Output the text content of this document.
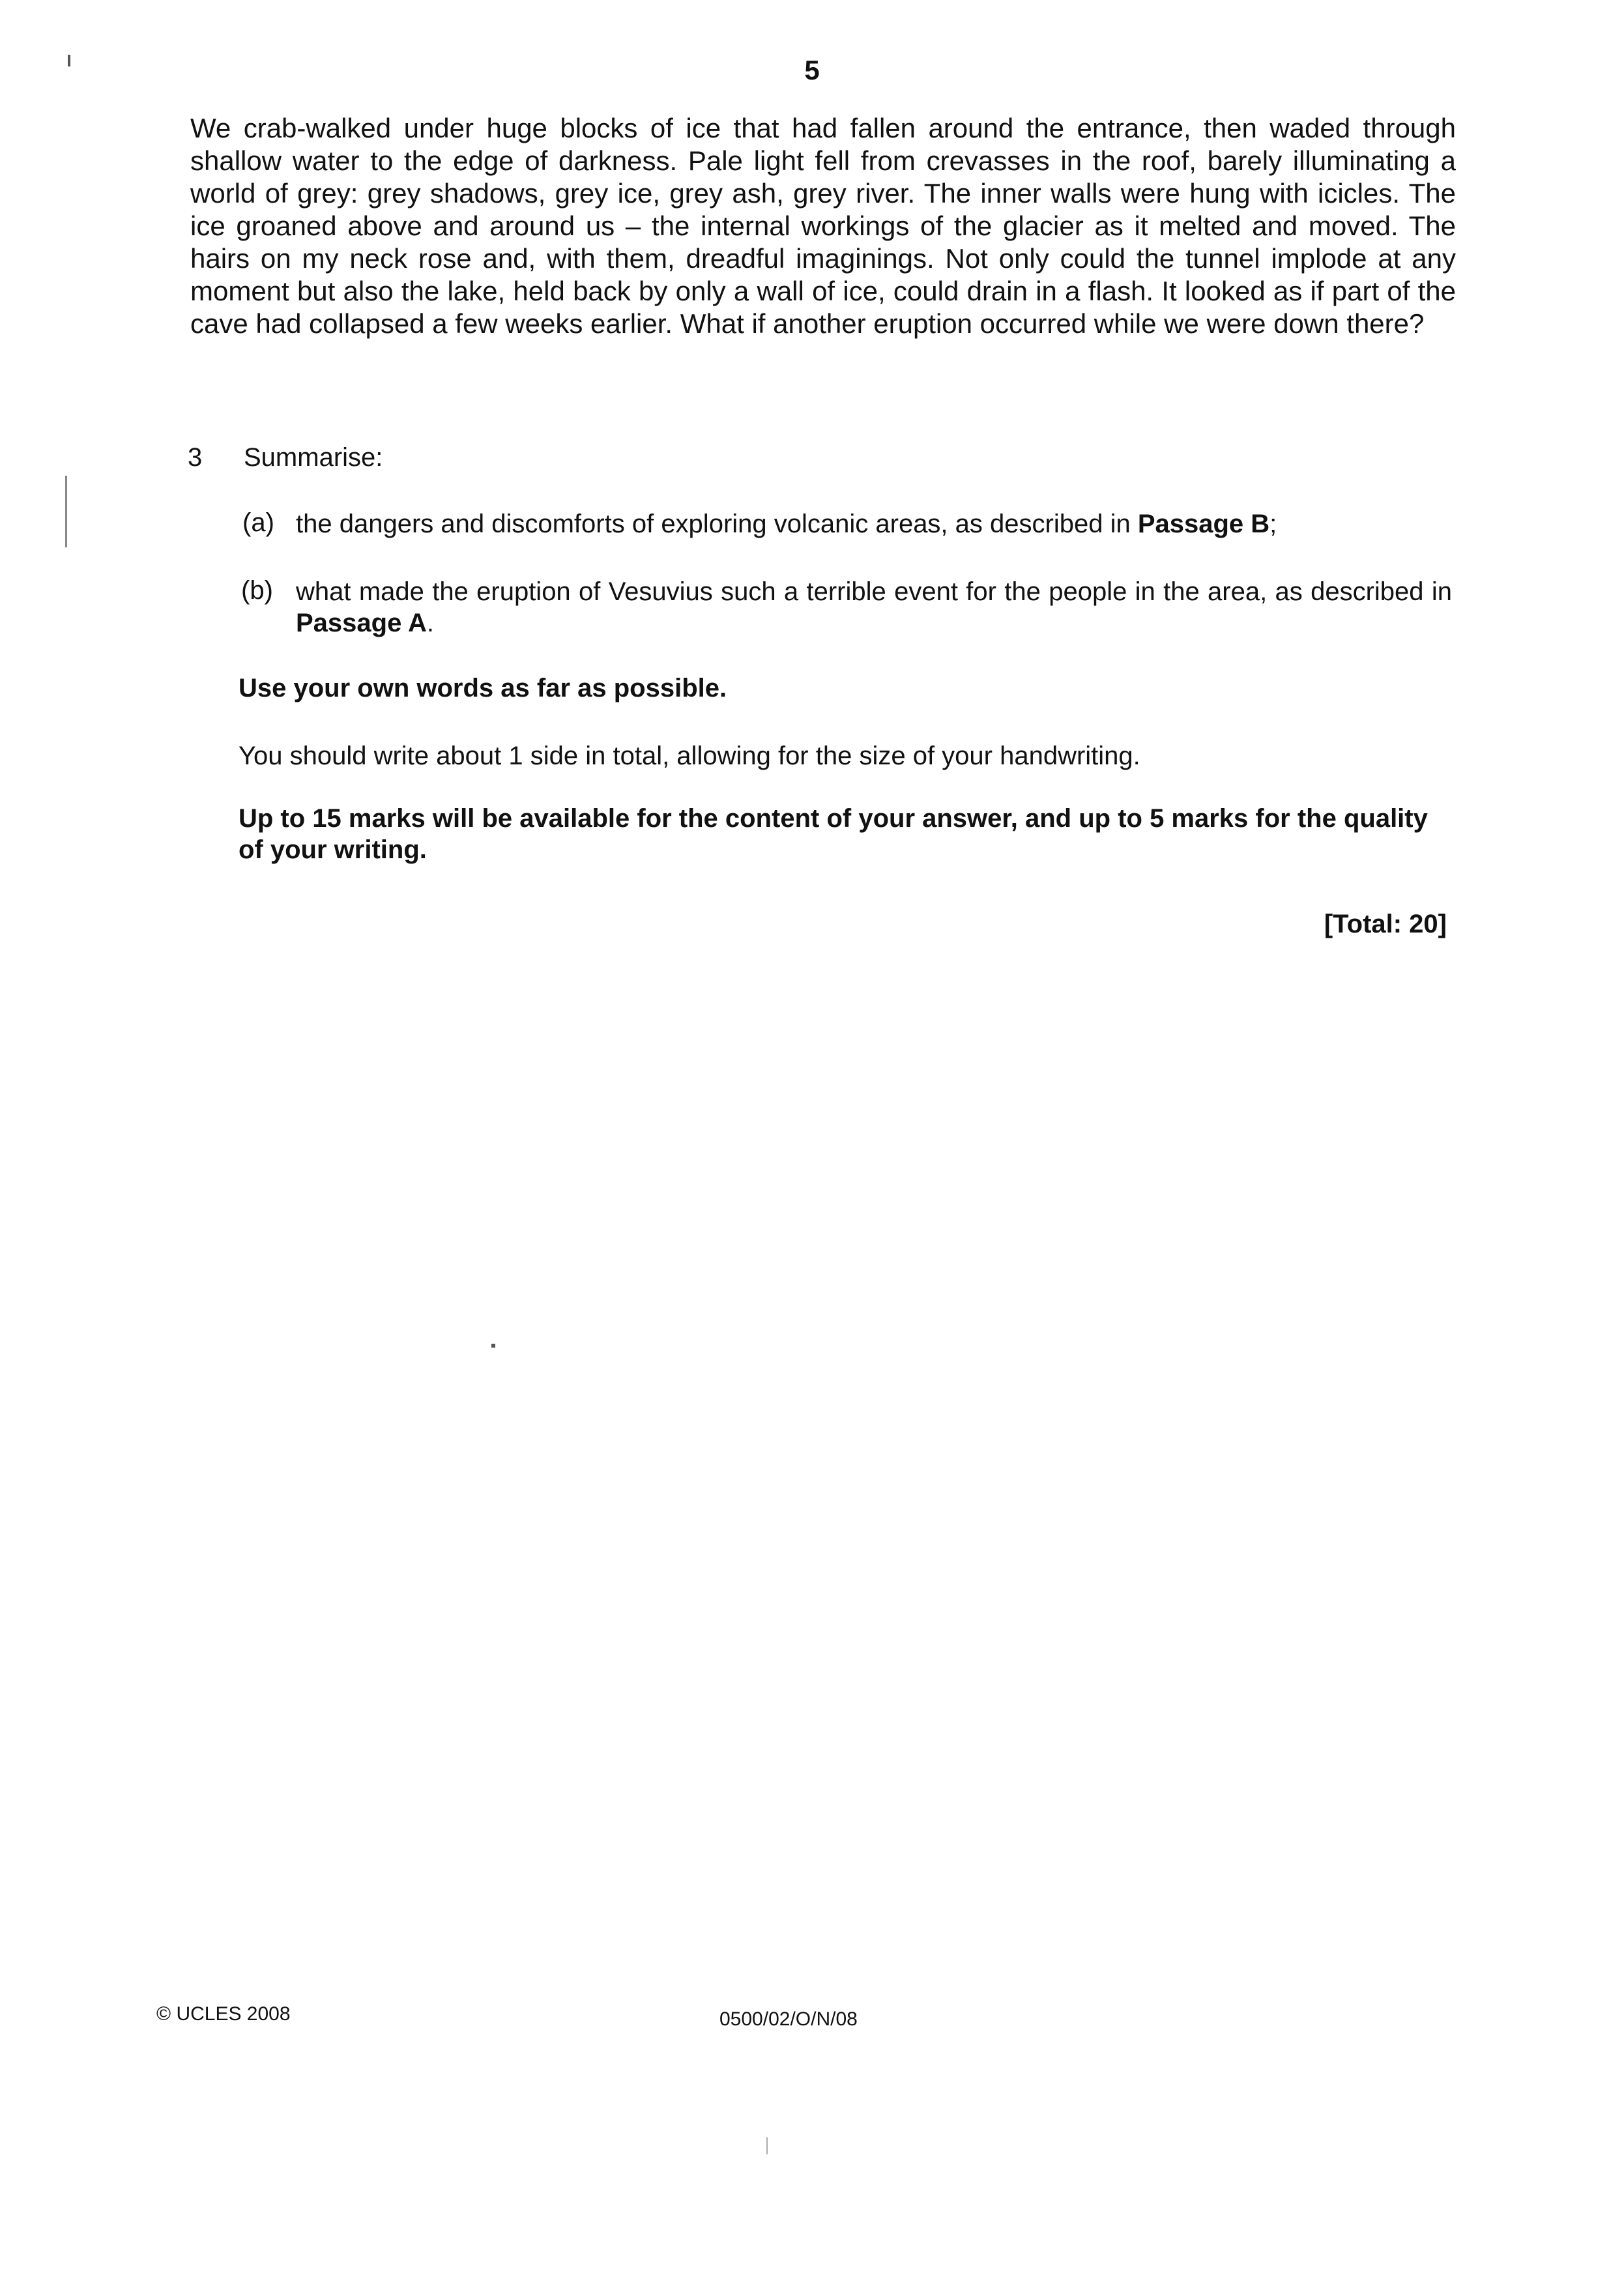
5

We crab-walked under huge blocks of ice that had fallen around the entrance, then waded through shallow water to the edge of darkness. Pale light fell from crevasses in the roof, barely illuminating a world of grey: grey shadows, grey ice, grey ash, grey river. The inner walls were hung with icicles. The ice groaned above and around us – the internal workings of the glacier as it melted and moved. The hairs on my neck rose and, with them, dreadful imaginings. Not only could the tunnel implode at any moment but also the lake, held back by only a wall of ice, could drain in a flash. It looked as if part of the cave had collapsed a few weeks earlier. What if another eruption occurred while we were down there?

3 Summarise:
(a) the dangers and discomforts of exploring volcanic areas, as described in Passage B;

(b) what made the eruption of Vesuvius such a terrible event for the people in the area, as described in Passage A.

Use your own words as far as possible.

You should write about 1 side in total, allowing for the size of your handwriting.

Up to 15 marks will be available for the content of your answer, and up to 5 marks for the quality of your writing.

[Total: 20]
© UCLES 2008	0500/02/O/N/08
